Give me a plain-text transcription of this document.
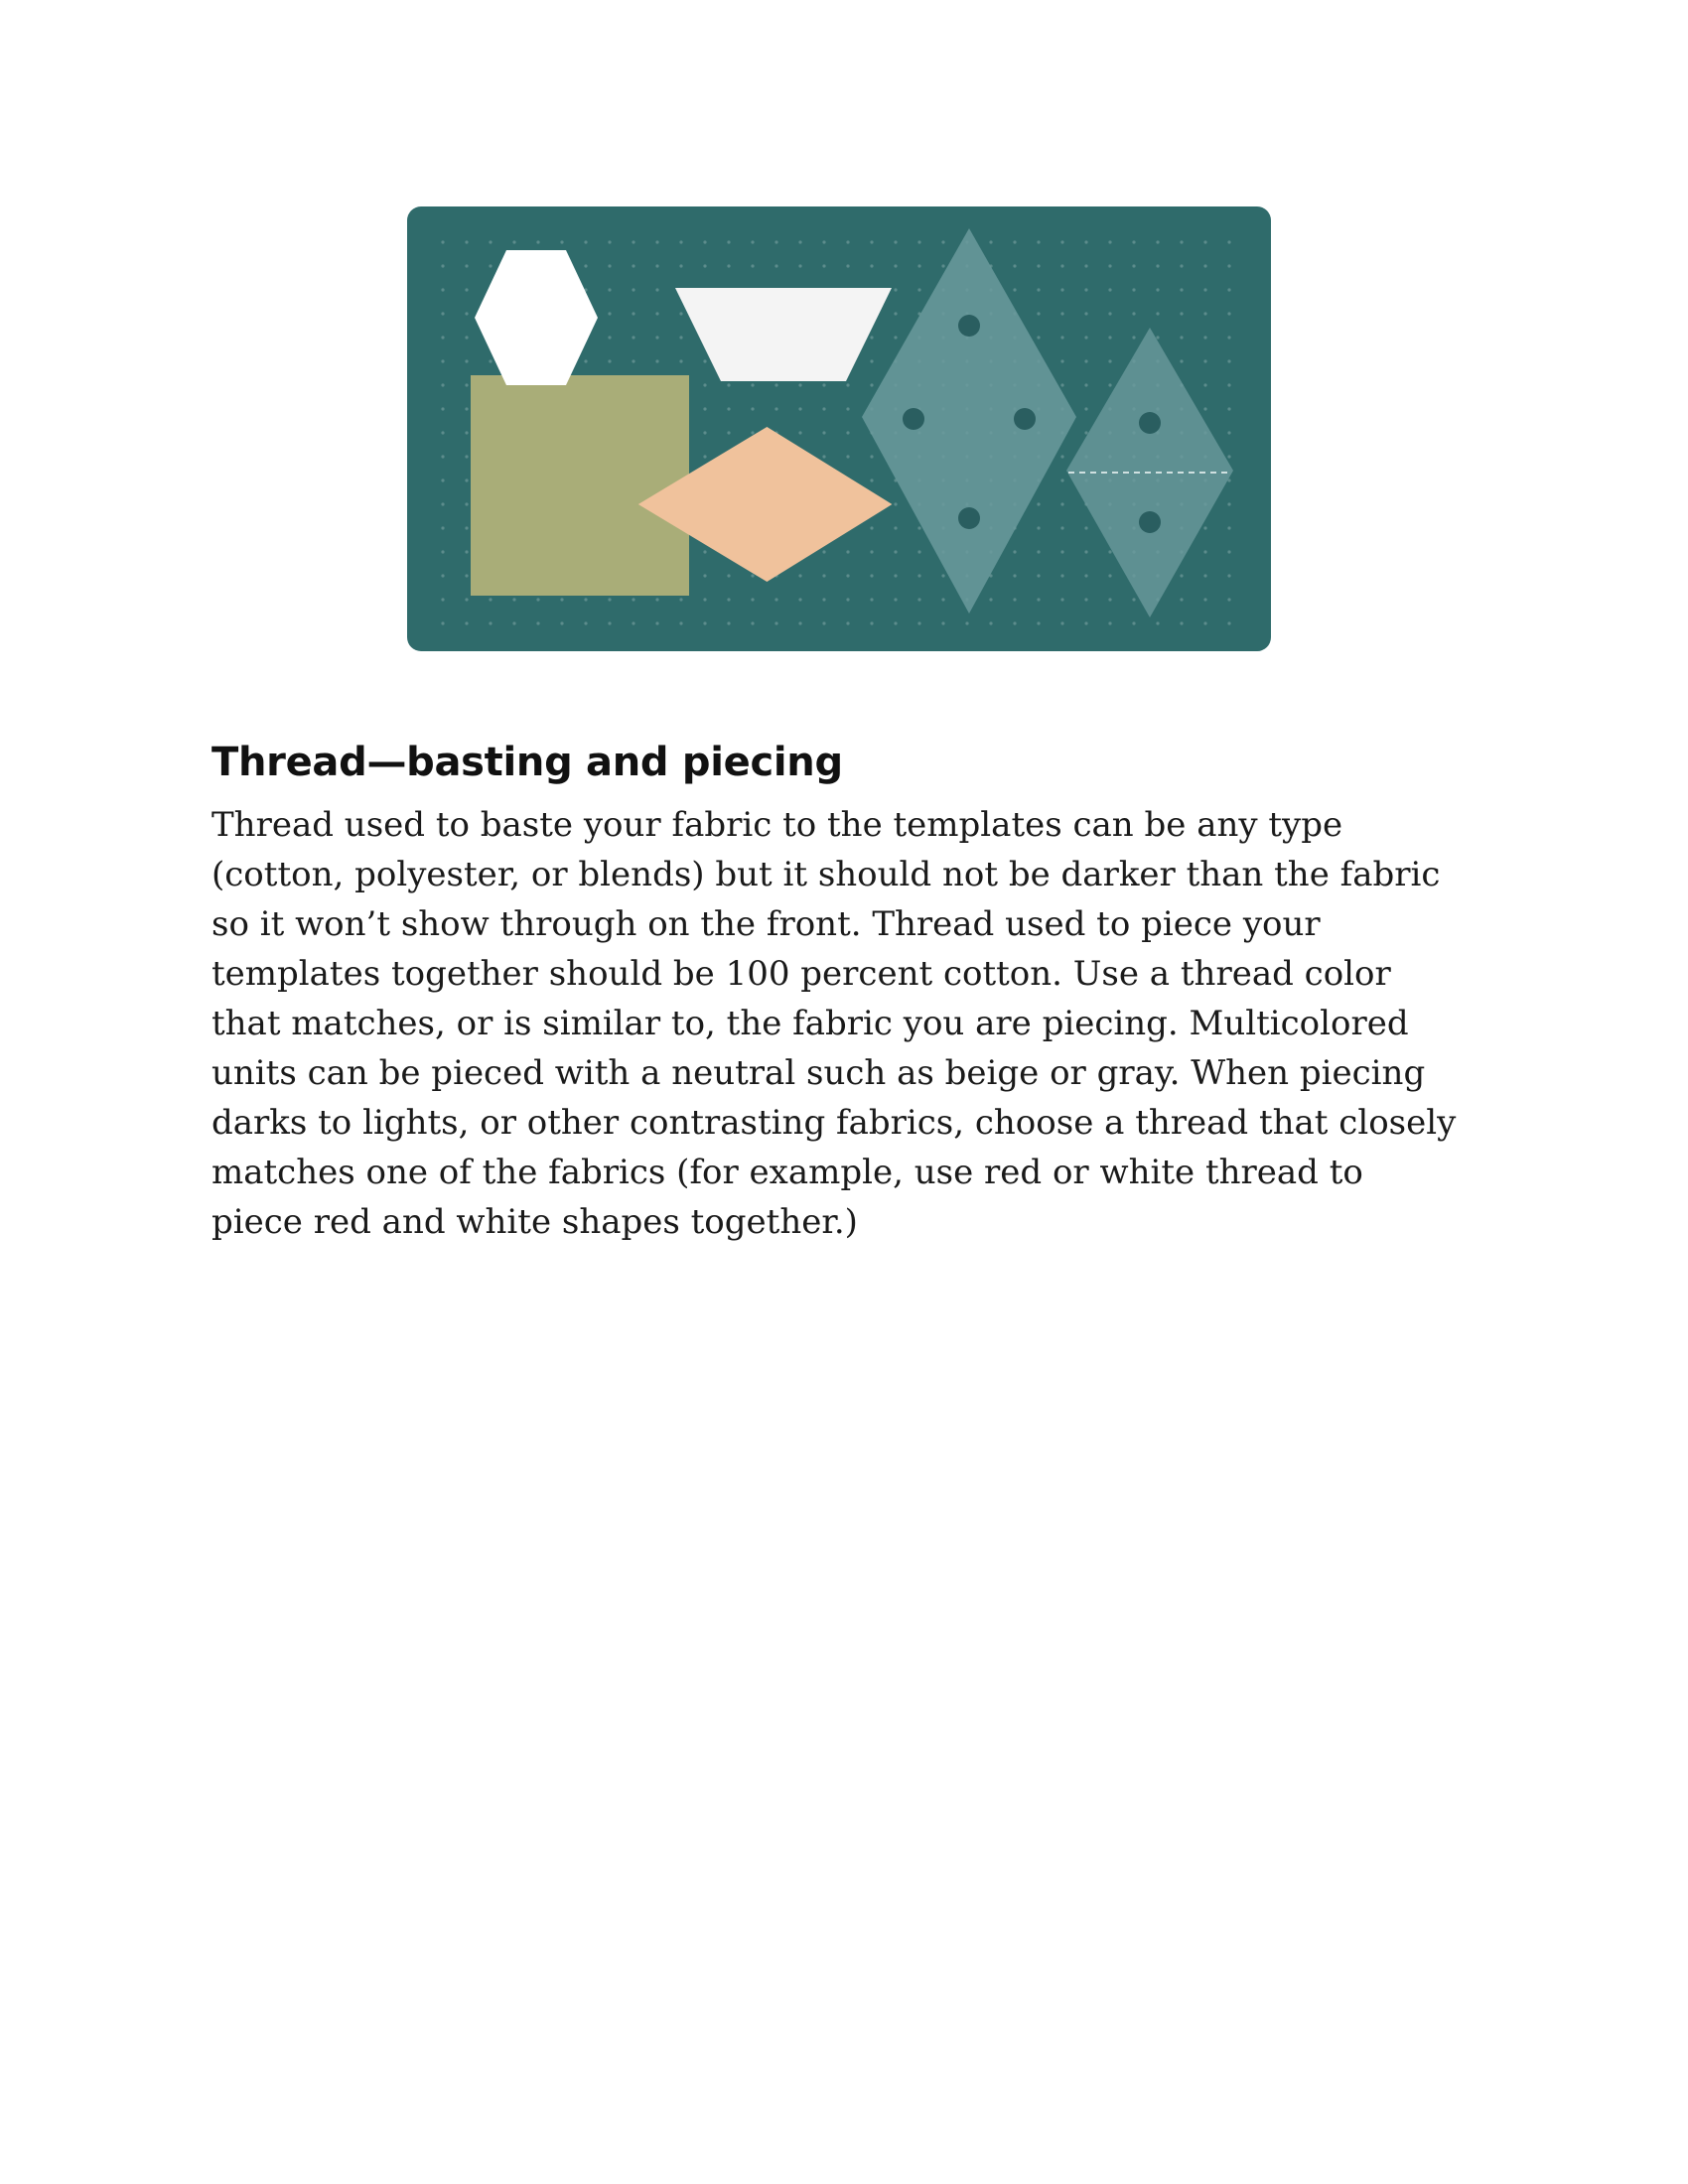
Thread—basting and piecing

Thread used to baste your fabric to the templates can be any type
(cotton, polyester, or blends) but it should not be darker than the fabric
so it won’t show through on the front. Thread used to piece your
templates together should be 100 percent cotton. Use a thread color
that matches, or is similar to, the fabric you are piecing. Multicolored
units can be pieced with a neutral such as beige or gray. When piecing
darks to lights, or other contrasting fabrics, choose a thread that closely
matches one of the fabrics (for example, use red or white thread to
piece red and white shapes together.)
